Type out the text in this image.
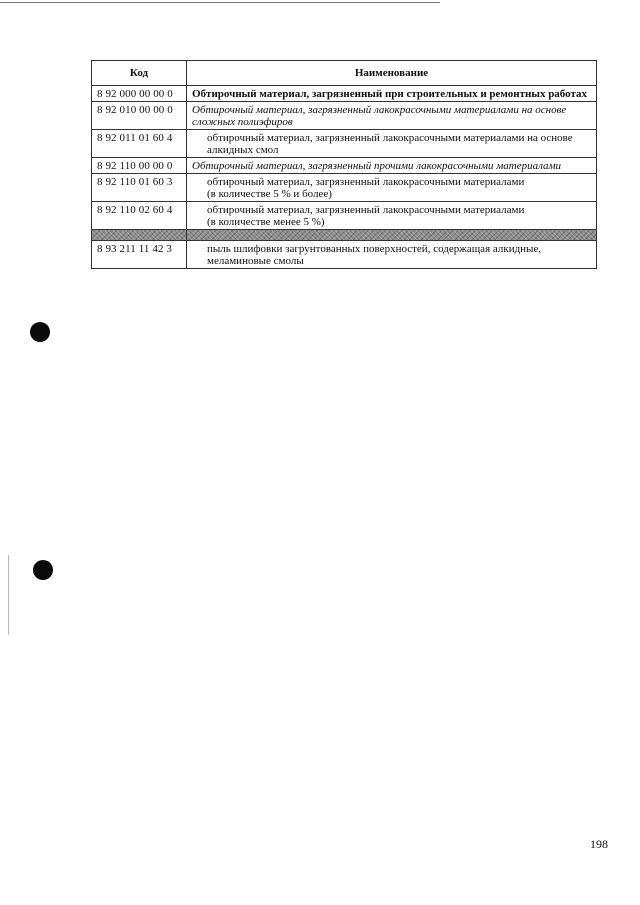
Код	Наименование
8 92 000 00 00 0	Обтирочный материал, загрязненный при строительных и ремонтных работах
8 92 010 00 00 0	Обтирочный материал, загрязненный лакокрасочными материалами на основе сложных полиэфиров
8 92 011 01 60 4	обтирочный материал, загрязненный лакокрасочными материалами на основе алкидных смол
8 92 110 00 00 0	Обтирочный материал, загрязненный прочими лакокрасочными материалами
8 92 110 01 60 3	обтирочный материал, загрязненный лакокрасочными материалами
(в количестве 5 % и более)

8 92 110 02 60 4	обтирочный материал, загрязненный лакокрасочными материалами
(в количестве менее 5 %)

8 93 211 11 42 3	пыль шлифовки загрунтованных поверхностей, содержащая алкидные, меламиновые смолы
198
